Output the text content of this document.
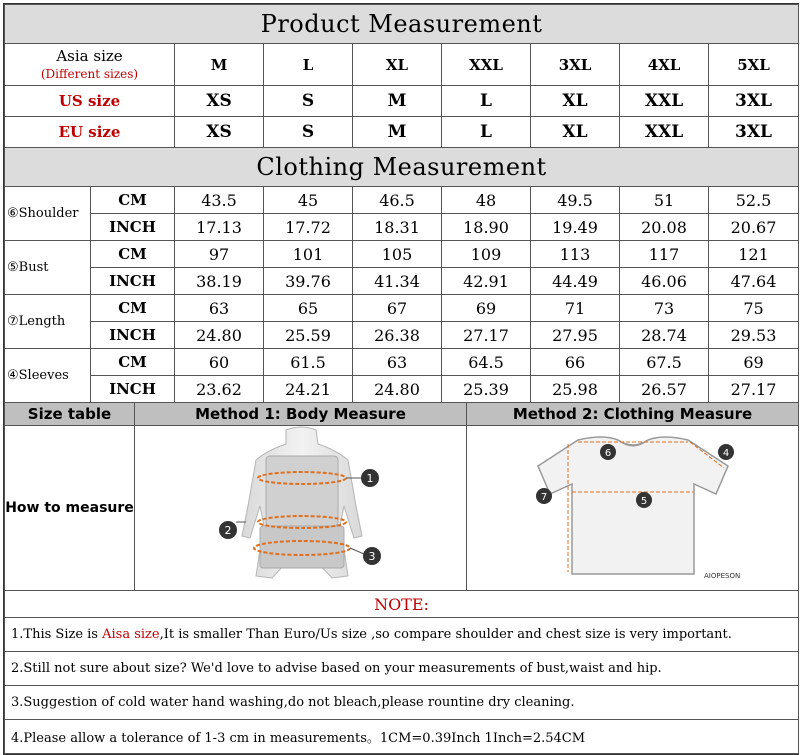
Product Measurement								

Asia size
(Different sizes)		M	L	XL	XXL	3XL	4XL	5XL
US size		XS	S	M	L	XL	XXL	3XL
EU size		XS	S	M	L	XL	XXL	3XL
Clothing Measurement								
⑥Shoulder	CM	43.5	45	46.5	48	49.5	51	52.5
	INCH	17.13	17.72	18.31	18.90	19.49	20.08	20.67
⑤Bust	CM	97	101	105	109	113	117	121
	INCH	38.19	39.76	41.34	42.91	44.49	46.06	47.64
⑦Length	CM	63	65	67	69	71	73	75
	INCH	24.80	25.59	26.38	27.17	27.95	28.74	29.53
④Sleeves	CM	60	61.5	63	64.5	66	67.5	69
	INCH	23.62	24.21	24.80	25.39	25.98	26.57	27.17
Size table	Method 1: Body Measure	Method 2: Clothing Measure
How to measure	1
2
3	6 4
7 5
AIOPESON

NOTE:		
1.This Size is Aisa size,It is smaller Than Euro/Us size ,so compare shoulder and chest size is very important.		
2.Still not sure about size? We'd love to advise based on your measurements of bust,waist and hip.		
3.Suggestion of cold water hand washing,do not bleach,please rountine dry cleaning.		
4.Please allow a tolerance of 1-3 cm in measurements。1CM=0.39Inch 1Inch=2.54CM		
